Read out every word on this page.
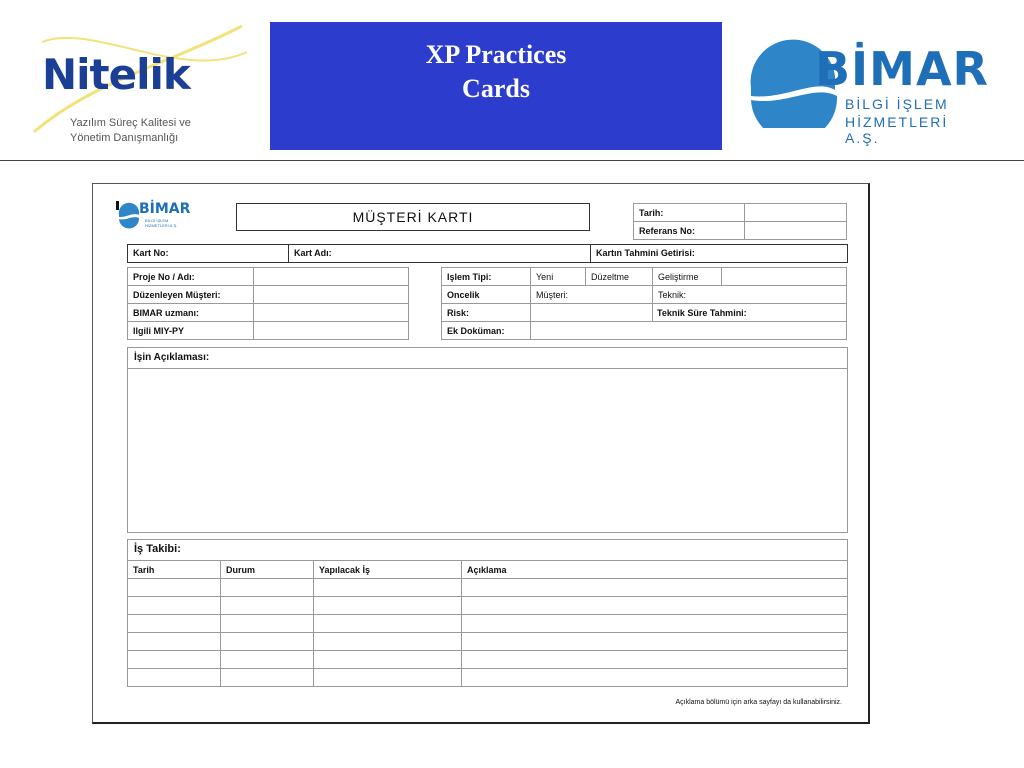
Nitelik
Yazılım Süreç Kalitesi ve
Yönetim Danışmanlığı
XP Practices
Cards	BİMAR
BİLGİ İŞLEM
HİZMETLERİ A.Ş.
BİMAR
BİLGİ İŞLEM
HİZMETLERİ A.Ş.
MÜŞTERİ KARTI	Tarih:	
Referans No:	
Kart No:	Kart Adı:	Kartın Tahmini Getirisi:
Proje No / Adı:	
Düzenleyen Müşteri:	
BIMAR uzmanı:	
Ilgili MIY-PY	
Işlem Tipi:	Yeni	Düzeltme	Geliştirme	
Oncelik	Müşteri:		Teknik:	
Risk:			Teknik Süre Tahmini:	
Ek Doküman:				
İşin Açıklaması:
İş Takibi:
Tarih	Durum	Yapılacak İş	Açıklama

Açıklama bölümü için arka sayfayı da kullanabilirsiniz.
